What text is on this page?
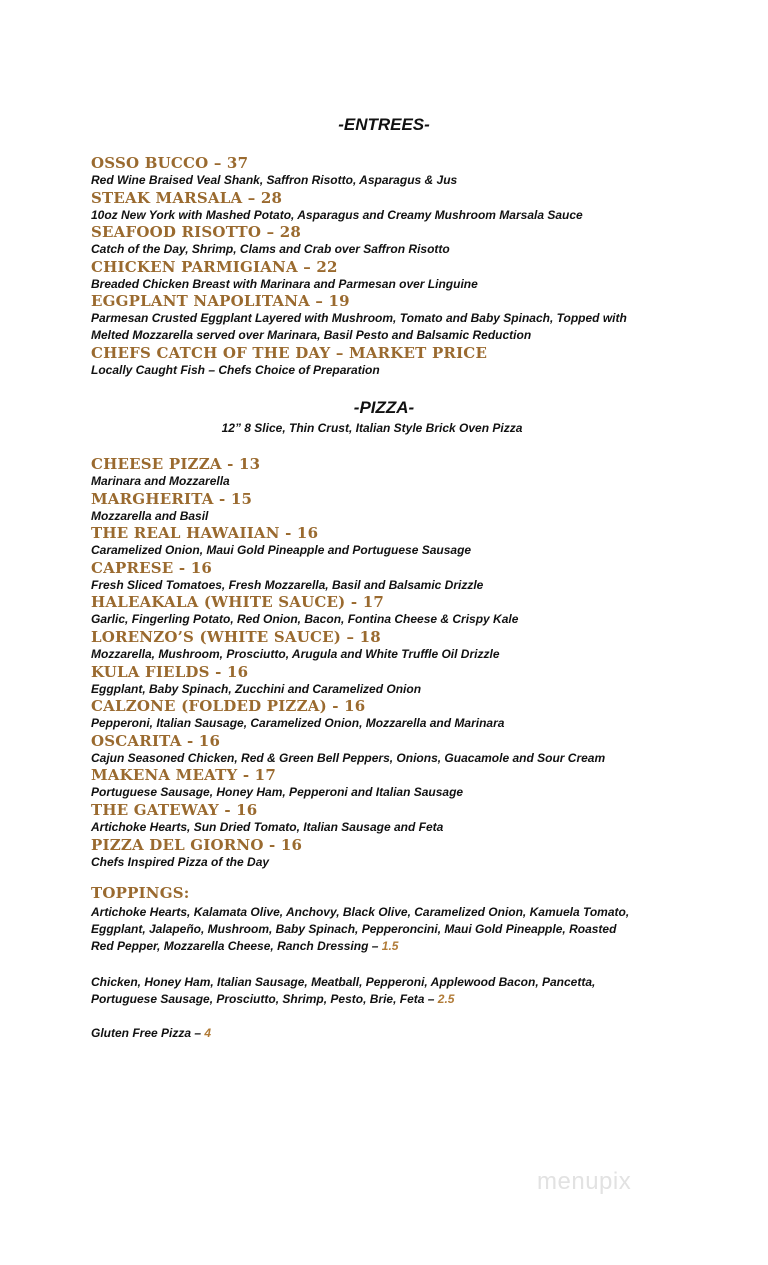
-ENTREES-
OSSO BUCCO – 37
Red Wine Braised Veal Shank, Saffron Risotto, Asparagus & Jus
STEAK MARSALA – 28
10oz New York with Mashed Potato, Asparagus and Creamy Mushroom Marsala Sauce
SEAFOOD RISOTTO – 28
Catch of the Day, Shrimp, Clams and Crab over Saffron Risotto
CHICKEN PARMIGIANA – 22
Breaded Chicken Breast with Marinara and Parmesan over Linguine
EGGPLANT NAPOLITANA – 19
Parmesan Crusted Eggplant Layered with Mushroom, Tomato and Baby Spinach, Topped with Melted Mozzarella served over Marinara, Basil Pesto and Balsamic Reduction
CHEFS CATCH OF THE DAY – MARKET PRICE
Locally Caught Fish – Chefs Choice of Preparation
-PIZZA-
12” 8 Slice, Thin Crust, Italian Style Brick Oven Pizza
CHEESE PIZZA - 13
Marinara and Mozzarella
MARGHERITA - 15
Mozzarella and Basil
THE REAL HAWAIIAN - 16
Caramelized Onion, Maui Gold Pineapple and Portuguese Sausage
CAPRESE - 16
Fresh Sliced Tomatoes, Fresh Mozzarella, Basil and Balsamic Drizzle
HALEAKALA (WHITE SAUCE) - 17
Garlic, Fingerling Potato, Red Onion, Bacon, Fontina Cheese & Crispy Kale
LORENZO’S (WHITE SAUCE) – 18
Mozzarella, Mushroom, Prosciutto, Arugula and White Truffle Oil Drizzle
KULA FIELDS - 16
Eggplant, Baby Spinach, Zucchini and Caramelized Onion
CALZONE (FOLDED PIZZA) - 16
Pepperoni, Italian Sausage, Caramelized Onion, Mozzarella and Marinara
OSCARITA - 16
Cajun Seasoned Chicken, Red & Green Bell Peppers, Onions, Guacamole and Sour Cream
MAKENA MEATY - 17
Portuguese Sausage, Honey Ham, Pepperoni and Italian Sausage
THE GATEWAY - 16
Artichoke Hearts, Sun Dried Tomato, Italian Sausage and Feta
PIZZA DEL GIORNO - 16
Chefs Inspired Pizza of the Day
TOPPINGS:

Artichoke Hearts, Kalamata Olive, Anchovy, Black Olive, Caramelized Onion, Kamuela Tomato, Eggplant, Jalapeño, Mushroom, Baby Spinach, Pepperoncini, Maui Gold Pineapple, Roasted Red Pepper, Mozzarella Cheese, Ranch Dressing – 1.5

Chicken, Honey Ham, Italian Sausage, Meatball, Pepperoni, Applewood Bacon, Pancetta, Portuguese Sausage, Prosciutto, Shrimp, Pesto, Brie, Feta – 2.5

Gluten Free Pizza – 4

menupix
